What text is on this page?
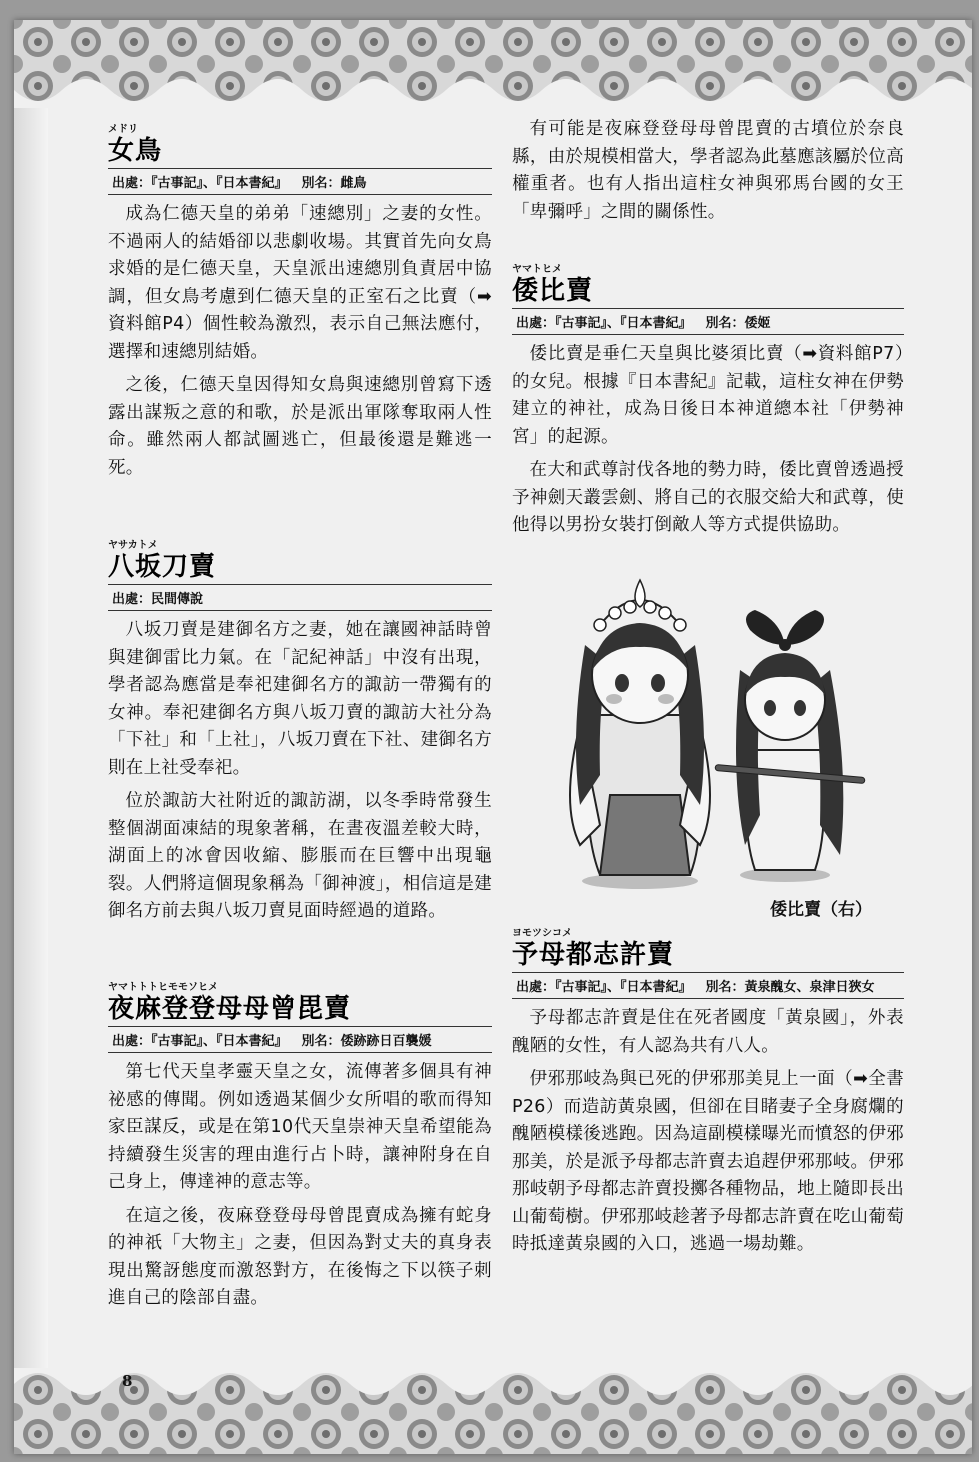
メドリ
女鳥
出處：『古事記』、『日本書紀』 別名：雌鳥

成為仁德天皇的弟弟「速總別」之妻的女性。不過兩人的結婚卻以悲劇收場。其實首先向女鳥求婚的是仁德天皇，天皇派出速總別負責居中協調，但女鳥考慮到仁德天皇的正室石之比賣（➡資料館P4）個性較為激烈，表示自己無法應付，選擇和速總別結婚。

之後，仁德天皇因得知女鳥與速總別曾寫下透露出謀叛之意的和歌，於是派出軍隊奪取兩人性命。雖然兩人都試圖逃亡，但最後還是難逃一死。

ヤサカトメ
八坂刀賣
出處：民間傳說

八坂刀賣是建御名方之妻，她在讓國神話時曾與建御雷比力氣。在「記紀神話」中沒有出現，學者認為應當是奉祀建御名方的諏訪一帶獨有的女神。奉祀建御名方與八坂刀賣的諏訪大社分為「下社」和「上社」，八坂刀賣在下社、建御名方則在上社受奉祀。

位於諏訪大社附近的諏訪湖，以冬季時常發生整個湖面凍結的現象著稱，在晝夜溫差較大時，湖面上的冰會因收縮、膨脹而在巨響中出現龜裂。人們將這個現象稱為「御神渡」，相信這是建御名方前去與八坂刀賣見面時經過的道路。

ヤマトトトヒモモソヒメ
夜麻登登母母曾毘賣
出處：『古事記』、『日本書紀』 別名：倭跡跡日百襲媛

第七代天皇孝靈天皇之女，流傳著多個具有神祕感的傳聞。例如透過某個少女所唱的歌而得知家臣謀反，或是在第10代天皇崇神天皇希望能為持續發生災害的理由進行占卜時，讓神附身在自己身上，傳達神的意志等。

在這之後，夜麻登登母母曾毘賣成為擁有蛇身的神祇「大物主」之妻，但因為對丈夫的真身表現出驚訝態度而激怒對方，在後悔之下以筷子刺進自己的陰部自盡。

有可能是夜麻登登母母曾毘賣的古墳位於奈良縣，由於規模相當大，學者認為此墓應該屬於位高權重者。也有人指出這柱女神與邪馬台國的女王「卑彌呼」之間的關係性。

ヤマトヒメ
倭比賣
出處：『古事記』、『日本書紀』 別名：倭姬

倭比賣是垂仁天皇與比婆須比賣（➡資料館P7）的女兒。根據『日本書紀』記載，這柱女神在伊勢建立的神社，成為日後日本神道總本社「伊勢神宮」的起源。

在大和武尊討伐各地的勢力時，倭比賣曾透過授予神劍天叢雲劍、將自己的衣服交給大和武尊，使他得以男扮女裝打倒敵人等方式提供協助。

ヨモツシコメ
予母都志許賣
出處：『古事記』、『日本書紀』 別名：黃泉醜女、泉津日狹女

予母都志許賣是住在死者國度「黃泉國」，外表醜陋的女性，有人認為共有八人。

伊邪那岐為與已死的伊邪那美見上一面（➡全書P26）而造訪黃泉國，但卻在目睹妻子全身腐爛的醜陋模樣後逃跑。因為這副模樣曝光而憤怒的伊邪那美，於是派予母都志許賣去追趕伊邪那岐。伊邪那岐朝予母都志許賣投擲各種物品，地上隨即長出山葡萄樹。伊邪那岐趁著予母都志許賣在吃山葡萄時抵達黃泉國的入口，逃過一場劫難。

倭比賣（右）
8
